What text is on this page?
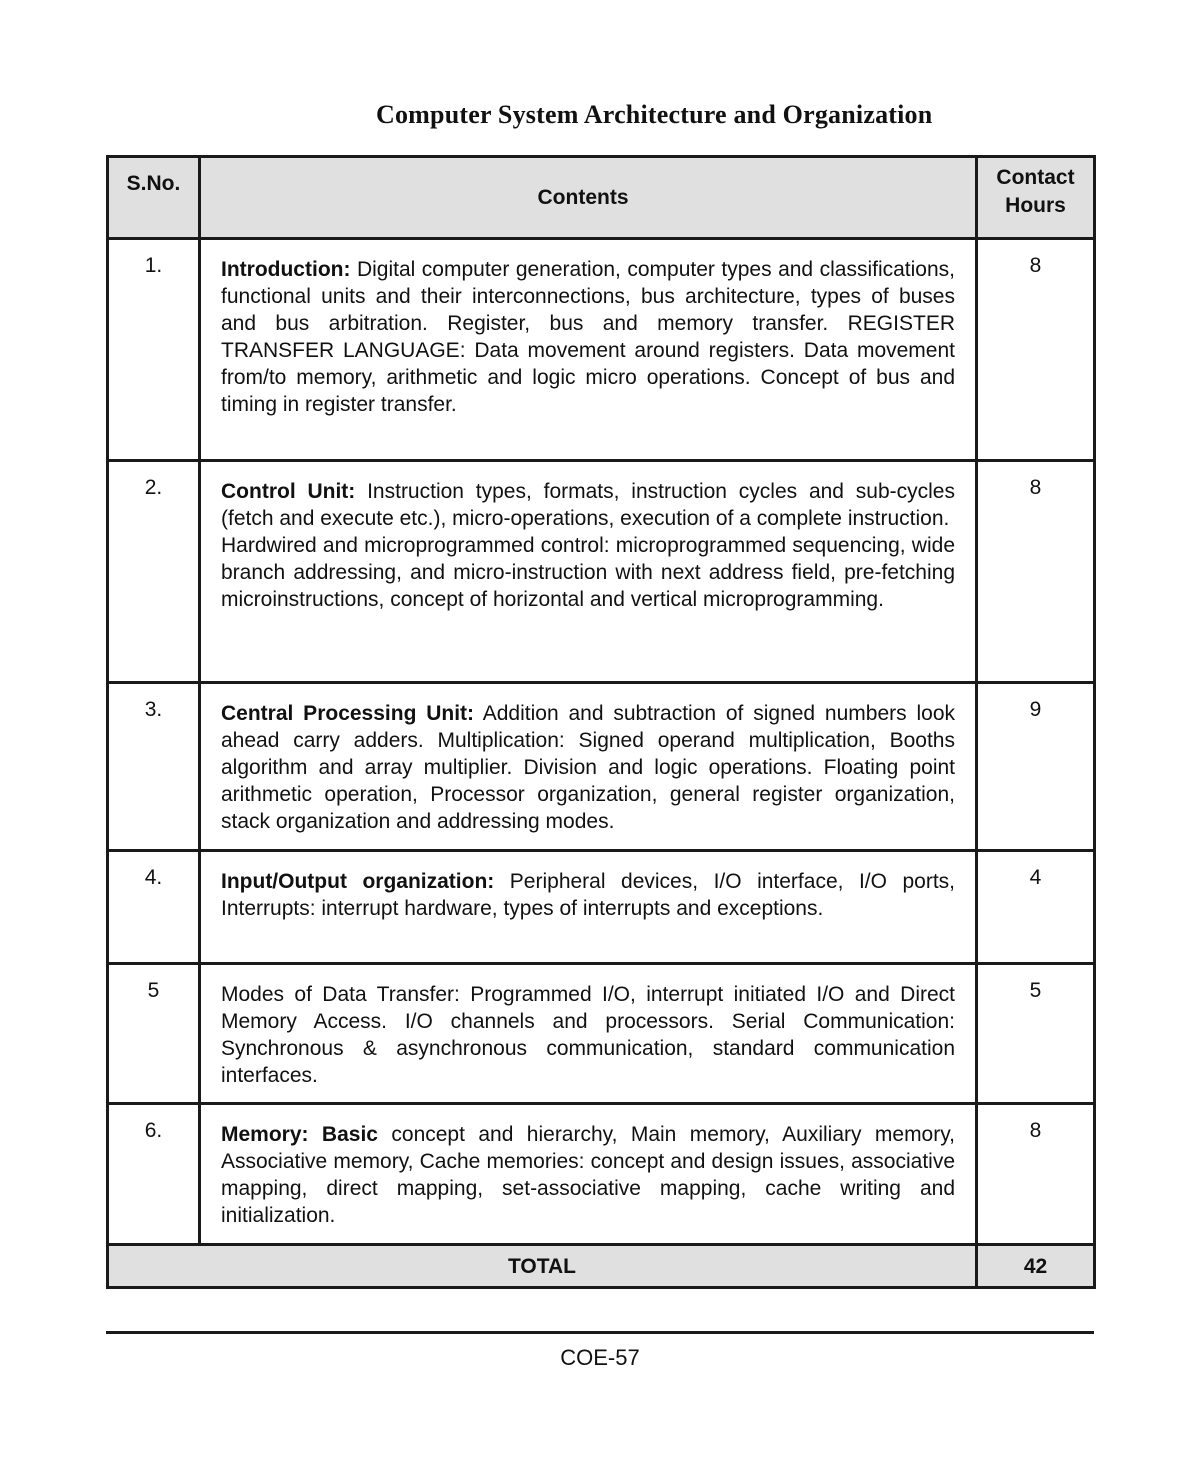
Computer System Architecture and Organization
S.No.	Contents	Contact
Hours

1.	Introduction: Digital computer generation, computer types and classifications, functional units and their interconnections, bus architecture, types of buses and bus arbitration. Register, bus and memory transfer. REGISTER TRANSFER LANGUAGE: Data movement around registers. Data movement from/to memory, arithmetic and logic micro operations. Concept of bus and timing in register transfer.	8
2.	Control Unit: Instruction types, formats, instruction cycles and sub-cycles (fetch and execute etc.), micro-operations, execution of a complete instruction.
Hardwired and microprogrammed control: microprogrammed sequencing, wide branch addressing, and micro-instruction with next address field, pre-fetching microinstructions, concept of horizontal and vertical microprogramming.	8
3.	Central Processing Unit: Addition and subtraction of signed numbers look ahead carry adders. Multiplication: Signed operand multiplication, Booths algorithm and array multiplier. Division and logic operations. Floating point arithmetic operation, Processor organization, general register organization, stack organization and addressing modes.	9
4.	Input/Output organization: Peripheral devices, I/O interface, I/O ports, Interrupts: interrupt hardware, types of interrupts and exceptions.	4
5	Modes of Data Transfer: Programmed I/O, interrupt initiated I/O and Direct Memory Access. I/O channels and processors. Serial Communication: Synchronous & asynchronous communication, standard communication interfaces.	5
6.	Memory: Basic concept and hierarchy, Main memory, Auxiliary memory, Associative memory, Cache memories: concept and design issues, associative mapping, direct mapping, set-associative mapping, cache writing and initialization.	8
TOTAL		42
COE-57
